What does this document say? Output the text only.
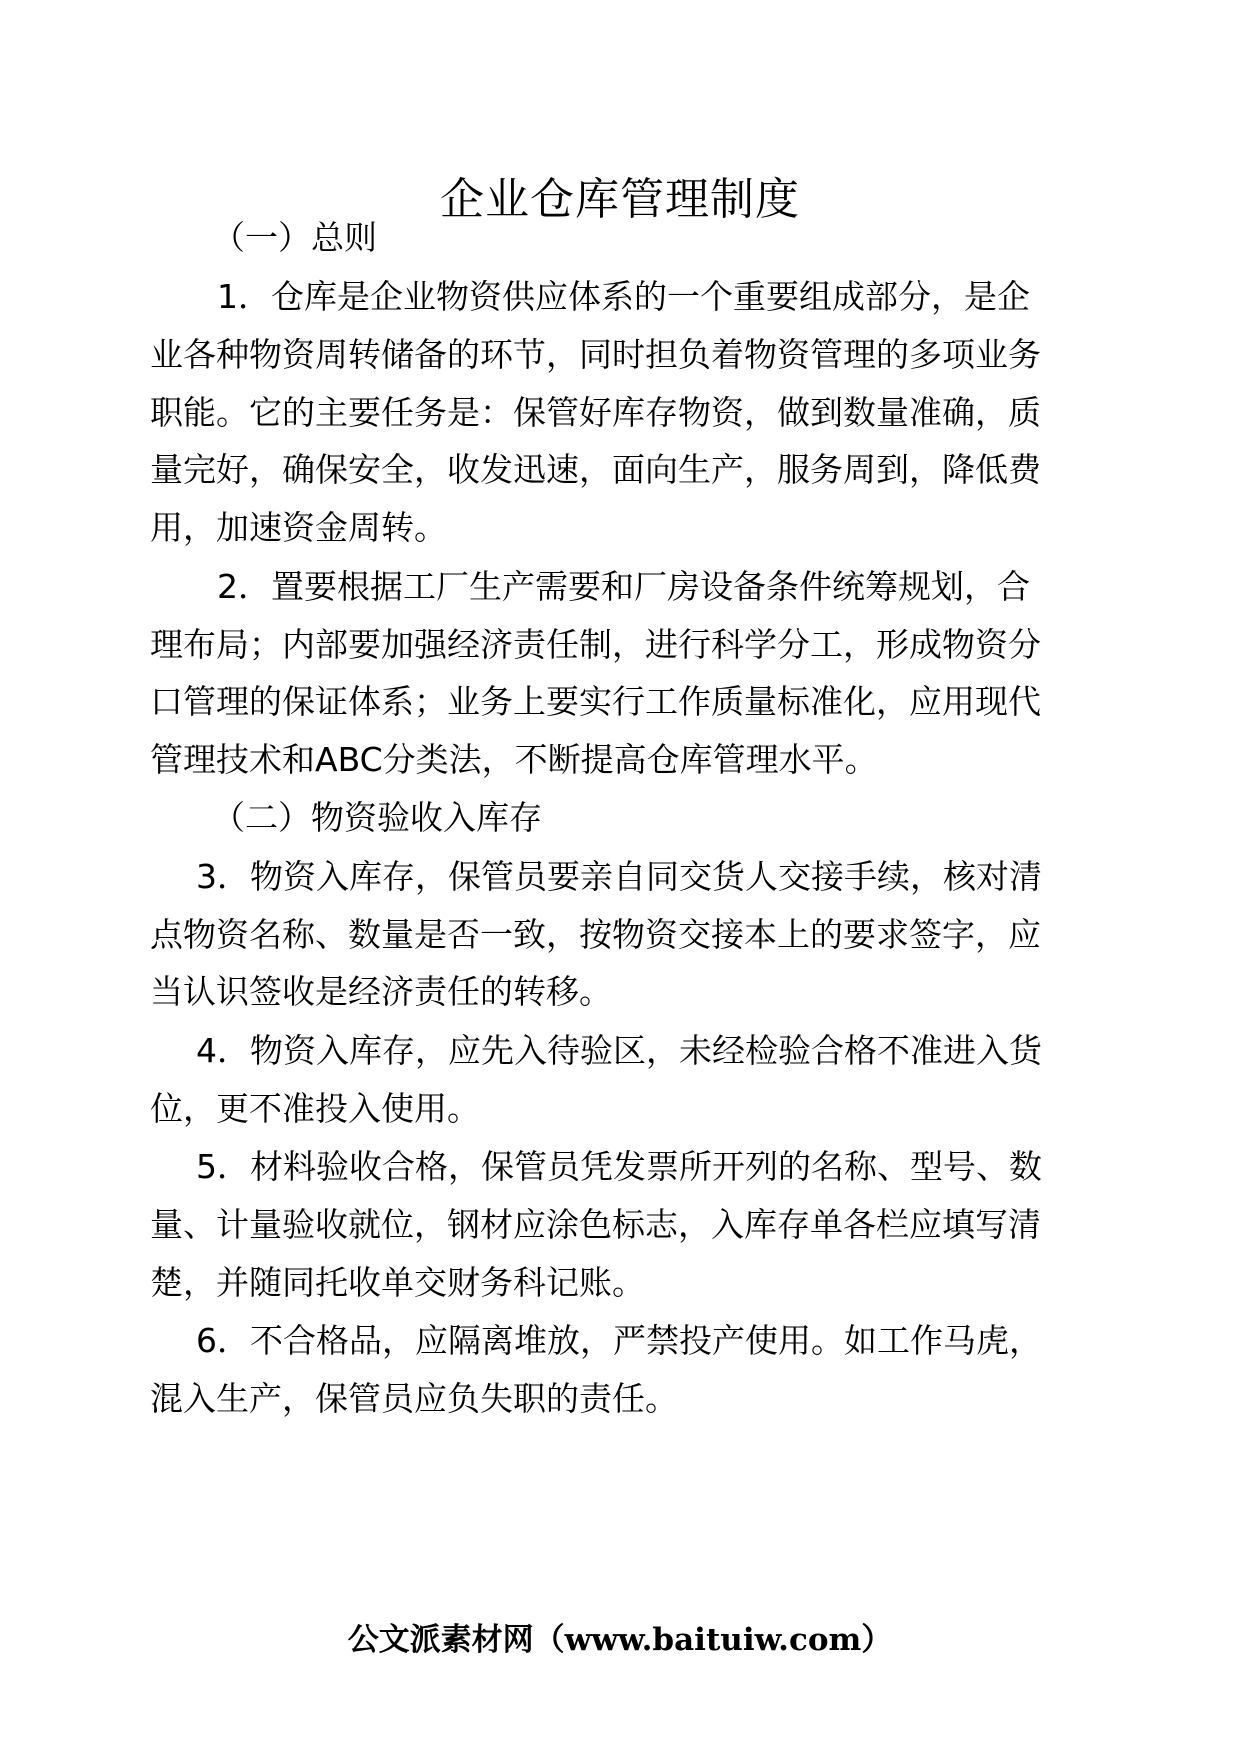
企业仓库管理制度
（一）总则
1．仓库是企业物资供应体系的一个重要组成部分，是企
业各种物资周转储备的环节，同时担负着物资管理的多项业务
职能。它的主要任务是：保管好库存物资，做到数量准确，质
量完好，确保安全，收发迅速，面向生产，服务周到，降低费
用，加速资金周转。
2．置要根据工厂生产需要和厂房设备条件统筹规划，合
理布局；内部要加强经济责任制，进行科学分工，形成物资分
口管理的保证体系；业务上要实行工作质量标准化，应用现代
管理技术和ABC分类法，不断提高仓库管理水平。
（二）物资验收入库存
3．物资入库存，保管员要亲自同交货人交接手续，核对清
点物资名称、数量是否一致，按物资交接本上的要求签字，应
当认识签收是经济责任的转移。
4．物资入库存，应先入待验区，未经检验合格不准进入货
位，更不准投入使用。
5．材料验收合格，保管员凭发票所开列的名称、型号、数
量、计量验收就位，钢材应涂色标志，入库存单各栏应填写清
楚，并随同托收单交财务科记账。
6．不合格品，应隔离堆放，严禁投产使用。如工作马虎，
混入生产，保管员应负失职的责任。
公文派素材网（www.baituiw.com）
